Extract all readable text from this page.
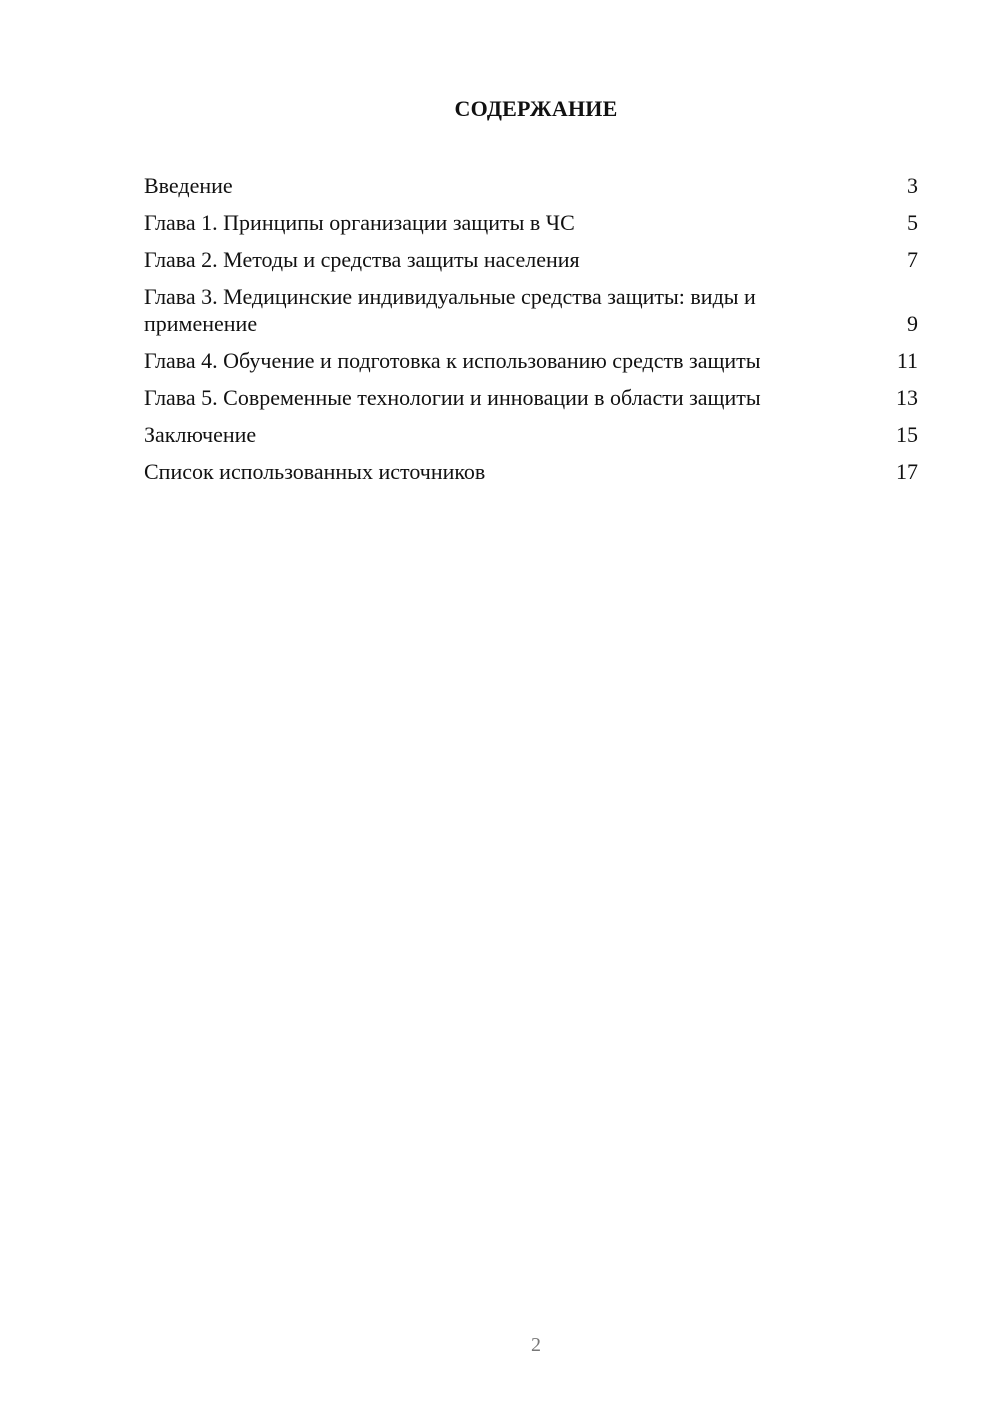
СОДЕРЖАНИЕ
Введение	3
Глава 1. Принципы организации защиты в ЧС	5
Глава 2. Методы и средства защиты населения	7
Глава 3. Медицинские индивидуальные средства защиты: виды и применение	9
Глава 4. Обучение и подготовка к использованию средств защиты	11
Глава 5. Современные технологии и инновации в области защиты	13
Заключение	15
Список использованных источников	17
2
